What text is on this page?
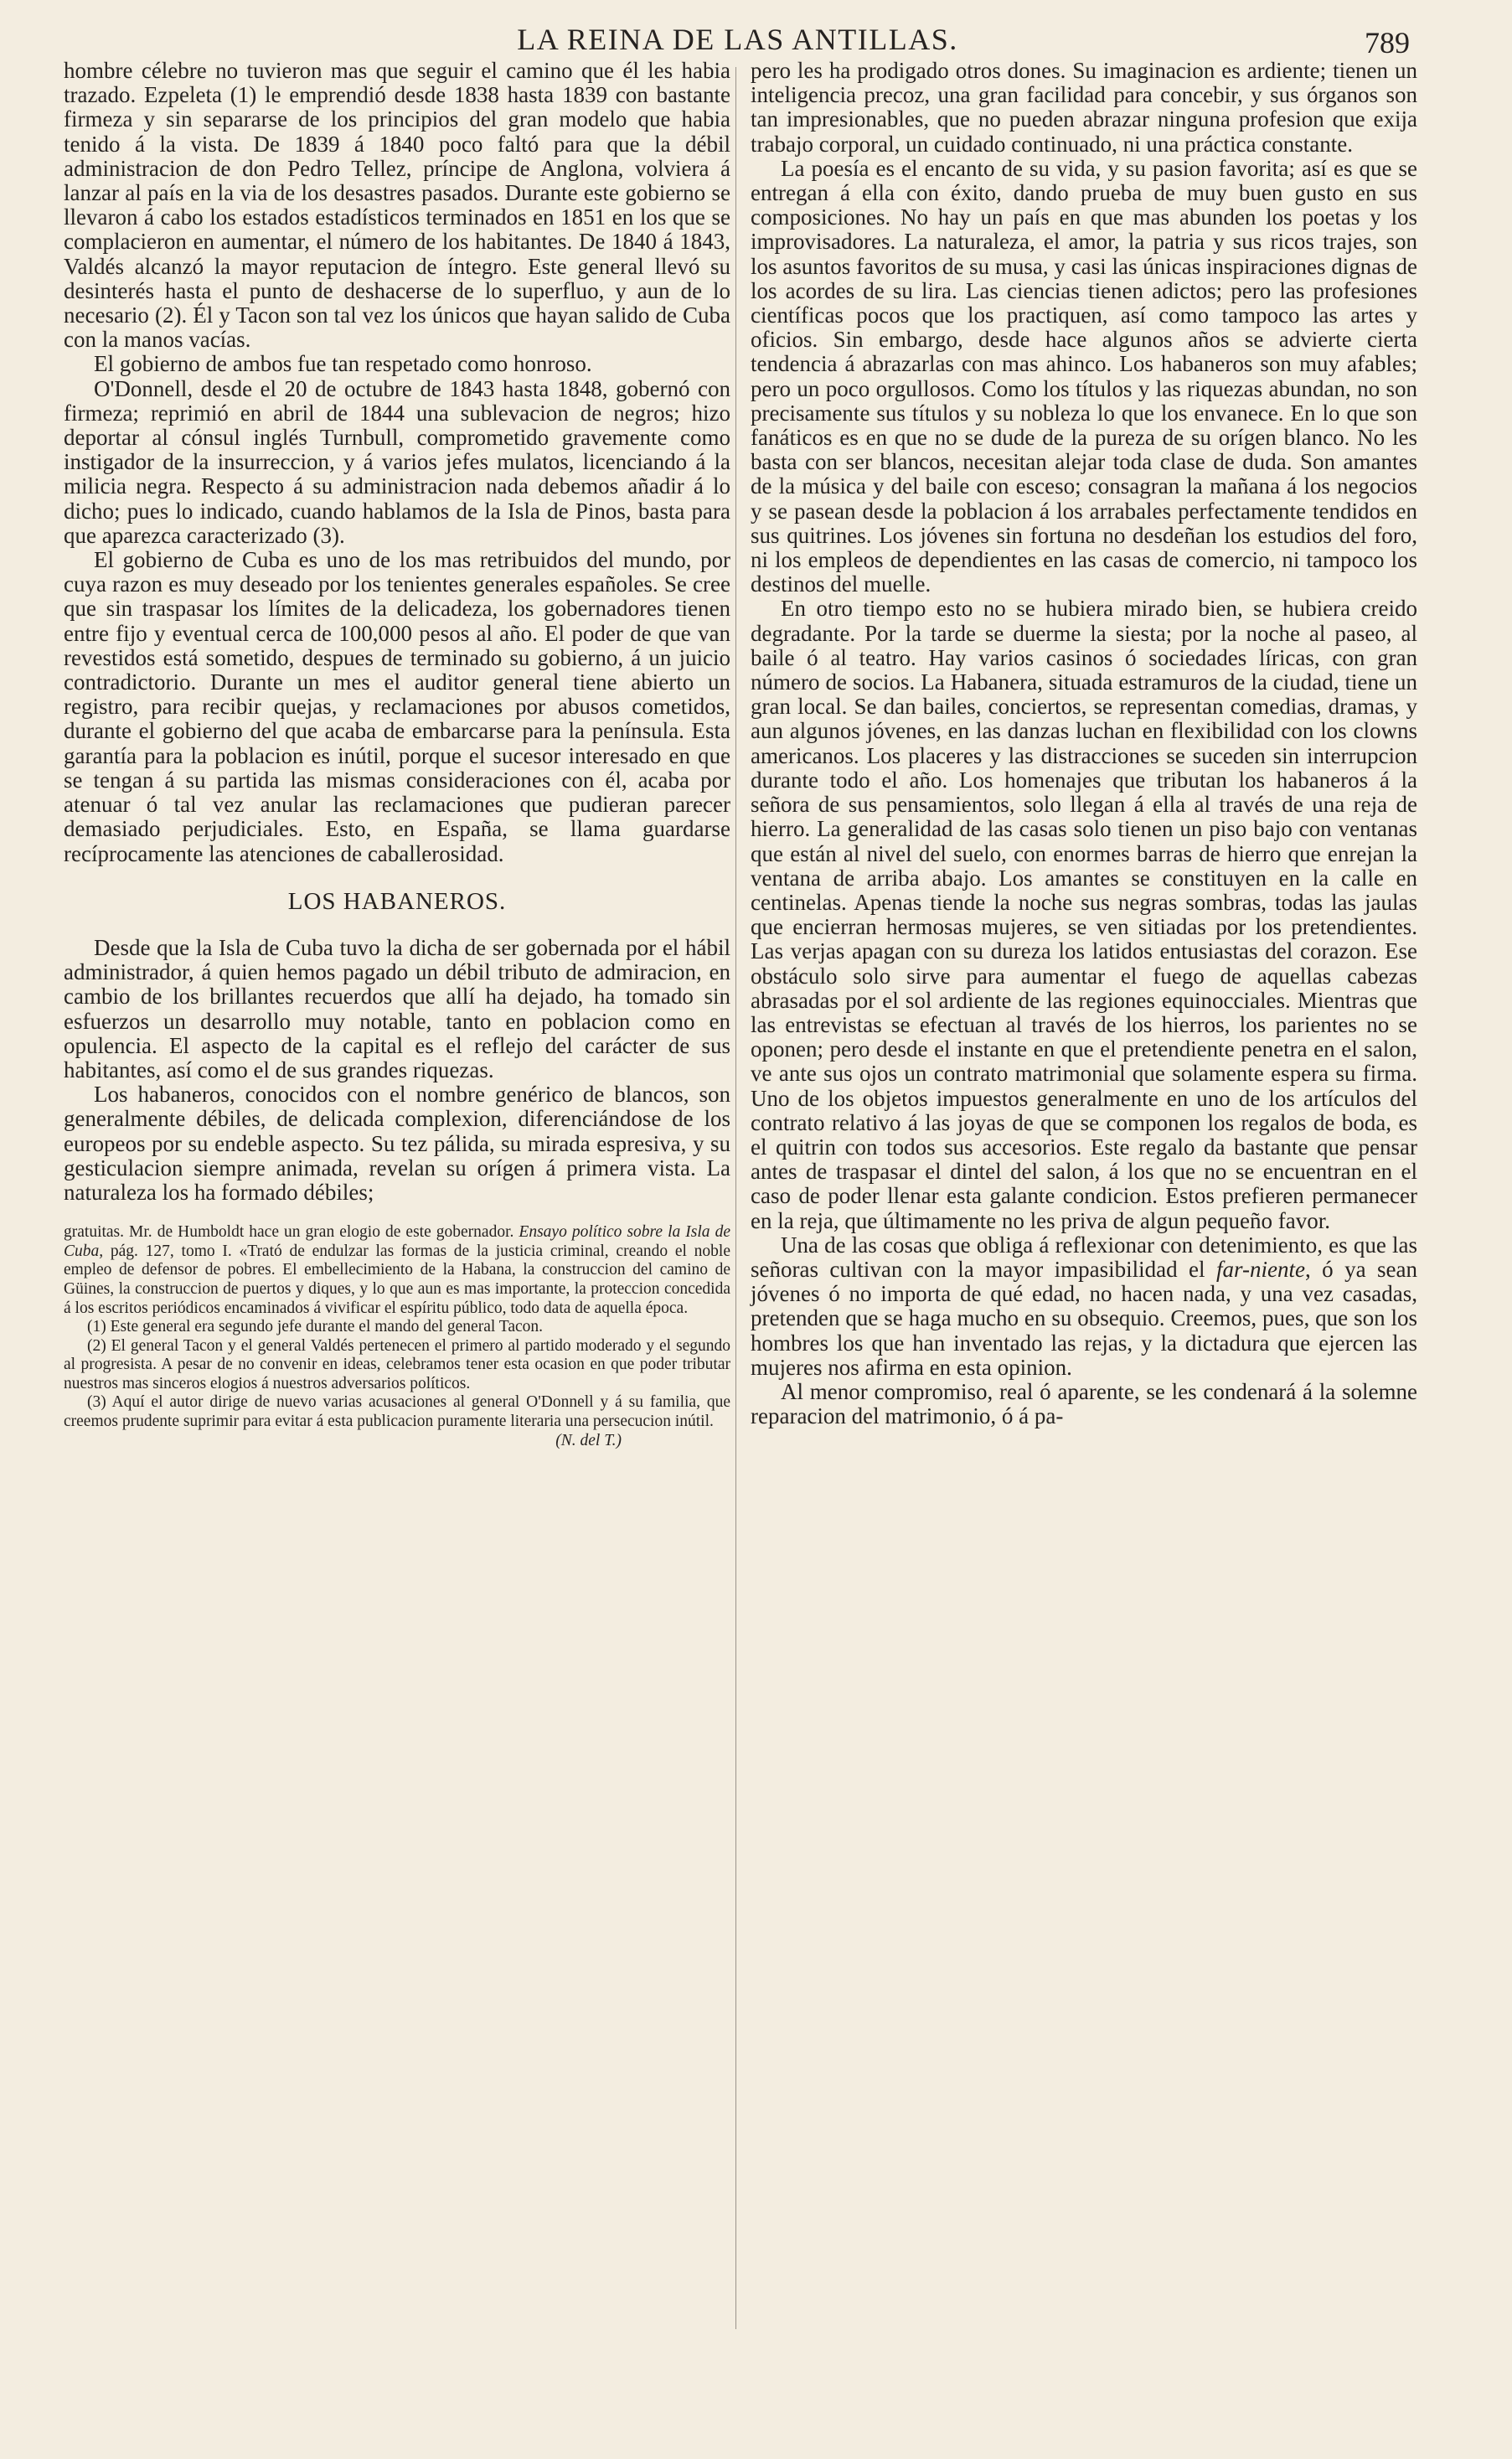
LA REINA DE LAS ANTILLAS.	789

hombre célebre no tuvieron mas que seguir el camino que él les habia trazado. Ezpeleta (1) le emprendió desde 1838 hasta 1839 con bastante firmeza y sin separarse de los principios del gran modelo que habia tenido á la vista. De 1839 á 1840 poco faltó para que la débil administracion de don Pedro Tellez, príncipe de Anglona, volviera á lanzar al país en la via de los desastres pasados. Durante este gobierno se llevaron á cabo los estados estadísticos terminados en 1851 en los que se complacieron en aumentar, el número de los habitantes. De 1840 á 1843, Valdés alcanzó la mayor reputacion de íntegro. Este general llevó su desinterés hasta el punto de deshacerse de lo superfluo, y aun de lo necesario (2). Él y Tacon son tal vez los únicos que hayan salido de Cuba con la manos vacías.

El gobierno de ambos fue tan respetado como honroso.

O'Donnell, desde el 20 de octubre de 1843 hasta 1848, gobernó con firmeza; reprimió en abril de 1844 una sublevacion de negros; hizo deportar al cónsul inglés Turnbull, comprometido gravemente como instigador de la insurreccion, y á varios jefes mulatos, licenciando á la milicia negra. Respecto á su administracion nada debemos añadir á lo dicho; pues lo indicado, cuando hablamos de la Isla de Pinos, basta para que aparezca caracterizado (3).

El gobierno de Cuba es uno de los mas retribuidos del mundo, por cuya razon es muy deseado por los tenientes generales españoles. Se cree que sin traspasar los límites de la delicadeza, los gobernadores tienen entre fijo y eventual cerca de 100,000 pesos al año. El poder de que van revestidos está sometido, despues de terminado su gobierno, á un juicio contradictorio. Durante un mes el auditor general tiene abierto un registro, para recibir quejas, y reclamaciones por abusos cometidos, durante el gobierno del que acaba de embarcarse para la península. Esta garantía para la poblacion es inútil, porque el sucesor interesado en que se tengan á su partida las mismas consideraciones con él, acaba por atenuar ó tal vez anular las reclamaciones que pudieran parecer demasiado perjudiciales. Esto, en España, se llama guardarse recíprocamente las atenciones de caballerosidad.

LOS HABANEROS.

Desde que la Isla de Cuba tuvo la dicha de ser gobernada por el hábil administrador, á quien hemos pagado un débil tributo de admiracion, en cambio de los brillantes recuerdos que allí ha dejado, ha tomado sin esfuerzos un desarrollo muy notable, tanto en poblacion como en opulencia. El aspecto de la capital es el reflejo del carácter de sus habitantes, así como el de sus grandes riquezas.

Los habaneros, conocidos con el nombre genérico de blancos, son generalmente débiles, de delicada complexion, diferenciándose de los europeos por su endeble aspecto. Su tez pálida, su mirada espresiva, y su gesticulacion siempre animada, revelan su orígen á primera vista. La naturaleza los ha formado débiles;

gratuitas. Mr. de Humboldt hace un gran elogio de este gobernador. Ensayo político sobre la Isla de Cuba, pág. 127, tomo I. «Trató de endulzar las formas de la justicia criminal, creando el noble empleo de defensor de pobres. El embellecimiento de la Habana, la construccion del camino de Güines, la construccion de puertos y diques, y lo que aun es mas importante, la proteccion concedida á los escritos periódicos encaminados á vivificar el espíritu público, todo data de aquella época.

(1) Este general era segundo jefe durante el mando del general Tacon.

(2) El general Tacon y el general Valdés pertenecen el primero al partido moderado y el segundo al progresista. A pesar de no convenir en ideas, celebramos tener esta ocasion en que poder tributar nuestros mas sinceros elogios á nuestros adversarios políticos.

(3) Aquí el autor dirige de nuevo varias acusaciones al general O'Donnell y á su familia, que creemos prudente suprimir para evitar á esta publicacion puramente literaria una persecucion inútil.

(N. del T.)

pero les ha prodigado otros dones. Su imaginacion es ardiente; tienen un inteligencia precoz, una gran facilidad para concebir, y sus órganos son tan impresionables, que no pueden abrazar ninguna profesion que exija trabajo corporal, un cuidado continuado, ni una práctica constante.

La poesía es el encanto de su vida, y su pasion favorita; así es que se entregan á ella con éxito, dando prueba de muy buen gusto en sus composiciones. No hay un país en que mas abunden los poetas y los improvisadores. La naturaleza, el amor, la patria y sus ricos trajes, son los asuntos favoritos de su musa, y casi las únicas inspiraciones dignas de los acordes de su lira. Las ciencias tienen adictos; pero las profesiones científicas pocos que los practiquen, así como tampoco las artes y oficios. Sin embargo, desde hace algunos años se advierte cierta tendencia á abrazarlas con mas ahinco. Los habaneros son muy afables; pero un poco orgullosos. Como los títulos y las riquezas abundan, no son precisamente sus títulos y su nobleza lo que los envanece. En lo que son fanáticos es en que no se dude de la pureza de su orígen blanco. No les basta con ser blancos, necesitan alejar toda clase de duda. Son amantes de la música y del baile con esceso; consagran la mañana á los negocios y se pasean desde la poblacion á los arrabales perfectamente tendidos en sus quitrines. Los jóvenes sin fortuna no desdeñan los estudios del foro, ni los empleos de dependientes en las casas de comercio, ni tampoco los destinos del muelle.

En otro tiempo esto no se hubiera mirado bien, se hubiera creido degradante. Por la tarde se duerme la siesta; por la noche al paseo, al baile ó al teatro. Hay varios casinos ó sociedades líricas, con gran número de socios. La Habanera, situada estramuros de la ciudad, tiene un gran local. Se dan bailes, conciertos, se representan comedias, dramas, y aun algunos jóvenes, en las danzas luchan en flexibilidad con los clowns americanos. Los placeres y las distracciones se suceden sin interrupcion durante todo el año. Los homenajes que tributan los habaneros á la señora de sus pensamientos, solo llegan á ella al través de una reja de hierro. La generalidad de las casas solo tienen un piso bajo con ventanas que están al nivel del suelo, con enormes barras de hierro que enrejan la ventana de arriba abajo. Los amantes se constituyen en la calle en centinelas. Apenas tiende la noche sus negras sombras, todas las jaulas que encierran hermosas mujeres, se ven sitiadas por los pretendientes. Las verjas apagan con su dureza los latidos entusiastas del corazon. Ese obstáculo solo sirve para aumentar el fuego de aquellas cabezas abrasadas por el sol ardiente de las regiones equinocciales. Mientras que las entrevistas se efectuan al través de los hierros, los parientes no se oponen; pero desde el instante en que el pretendiente penetra en el salon, ve ante sus ojos un contrato matrimonial que solamente espera su firma. Uno de los objetos impuestos generalmente en uno de los artículos del contrato relativo á las joyas de que se componen los regalos de boda, es el quitrin con todos sus accesorios. Este regalo da bastante que pensar antes de traspasar el dintel del salon, á los que no se encuentran en el caso de poder llenar esta galante condicion. Estos prefieren permanecer en la reja, que últimamente no les priva de algun pequeño favor.

Una de las cosas que obliga á reflexionar con detenimiento, es que las señoras cultivan con la mayor impasibilidad el far-niente, ó ya sean jóvenes ó no importa de qué edad, no hacen nada, y una vez casadas, pretenden que se haga mucho en su obsequio. Creemos, pues, que son los hombres los que han inventado las rejas, y la dictadura que ejercen las mujeres nos afirma en esta opinion.

Al menor compromiso, real ó aparente, se les condenará á la solemne reparacion del matrimonio, ó á pa-
